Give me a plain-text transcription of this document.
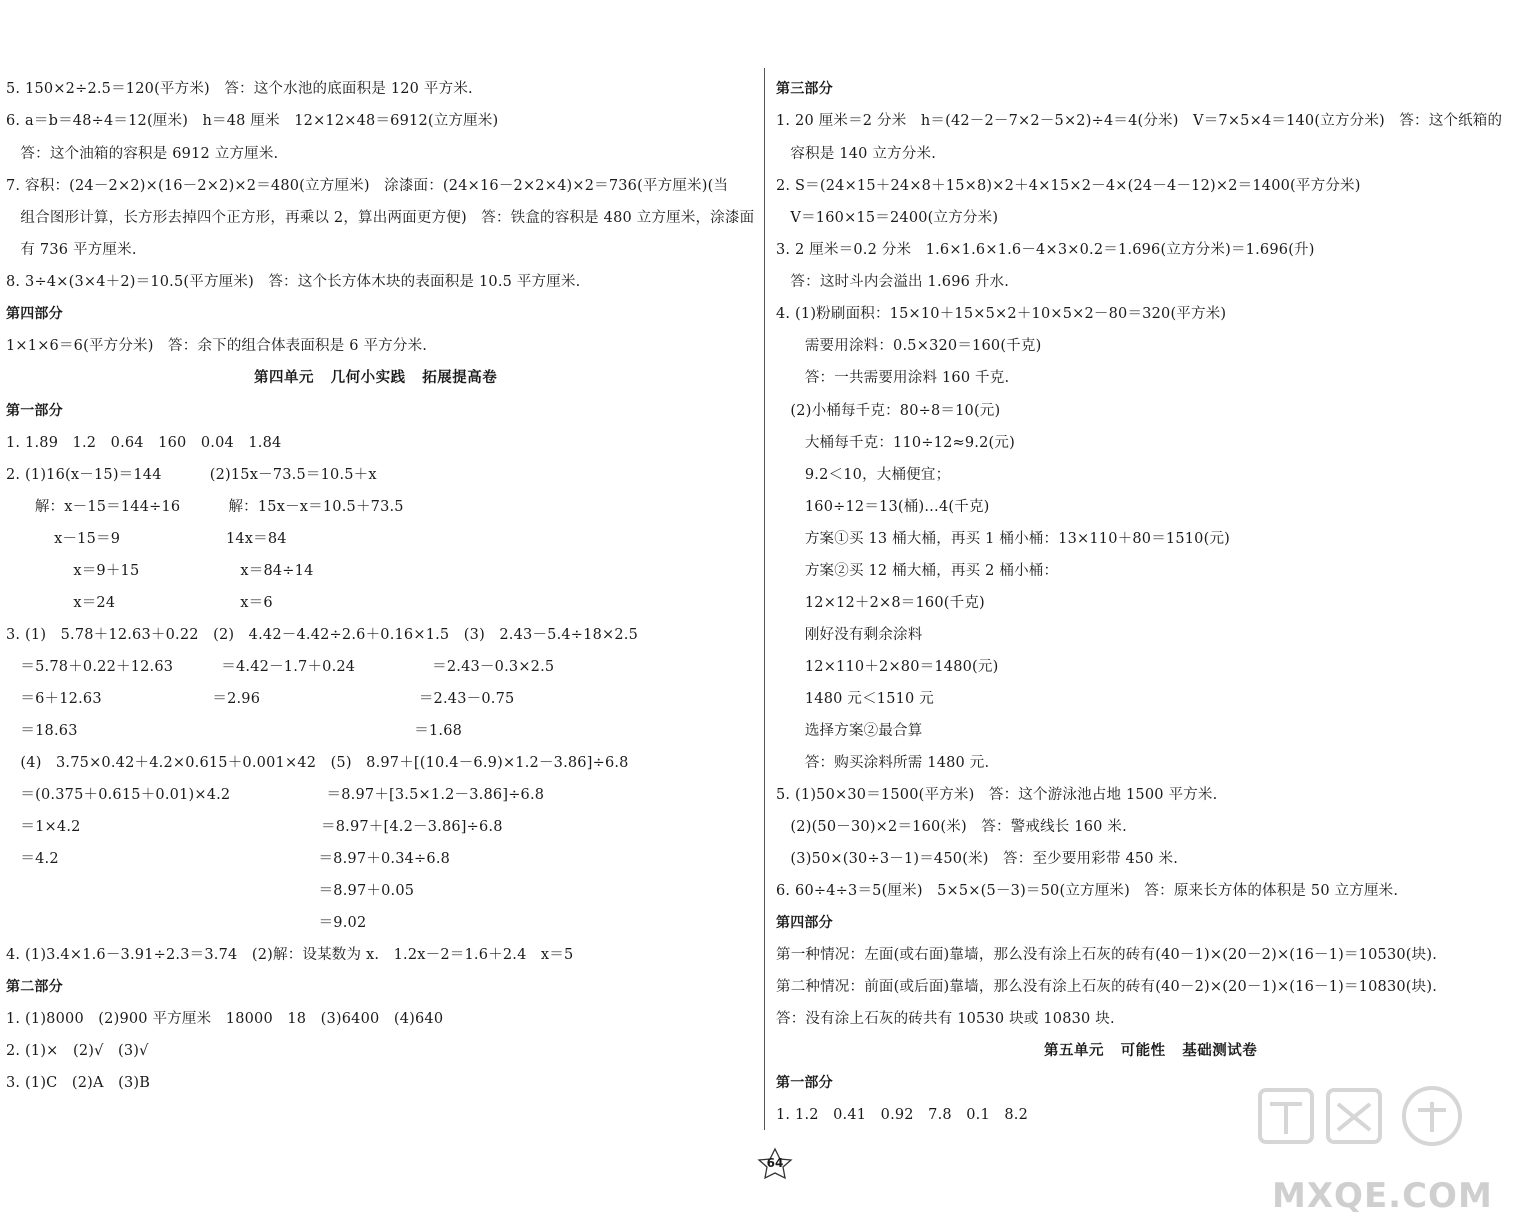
5. 150×2÷2.5＝120(平方米)   答：这个水池的底面积是 120 平方米.
6. a＝b＝48÷4＝12(厘米)   h＝48 厘米   12×12×48＝6912(立方厘米)
答：这个油箱的容积是 6912 立方厘米.
7. 容积：(24－2×2)×(16－2×2)×2＝480(立方厘米)   涂漆面：(24×16－2×2×4)×2＝736(平方厘米)(当
组合图形计算，长方形去掉四个正方形，再乘以 2，算出两面更方便)   答：铁盒的容积是 480 立方厘米，涂漆面
有 736 平方厘米.
8. 3÷4×(3×4＋2)＝10.5(平方厘米)   答：这个长方体木块的表面积是 10.5 平方厘米.
第四部分
1×1×6＝6(平方分米)   答：余下的组合体表面积是 6 平方分米.
第四单元   几何小实践   拓展提高卷
第一部分
1. 1.89   1.2   0.64   160   0.04   1.84
2. (1)16(x－15)＝144          (2)15x－73.5＝10.5＋x
解：x－15＝144÷16          解：15x－x＝10.5＋73.5
x－15＝9                      14x＝84
x＝9＋15                     x＝84÷14
x＝24                          x＝6
3. (1)   5.78＋12.63＋0.22   (2)   4.42－4.42÷2.6＋0.16×1.5   (3)   2.43－5.4÷18×2.5
＝5.78＋0.22＋12.63          ＝4.42－1.7＋0.24                ＝2.43－0.3×2.5
＝6＋12.63                       ＝2.96                                 ＝2.43－0.75
＝18.63                                                                      ＝1.68
(4)   3.75×0.42＋4.2×0.615＋0.001×42   (5)   8.97＋[(10.4－6.9)×1.2－3.86]÷6.8
＝(0.375＋0.615＋0.01)×4.2                    ＝8.97＋[3.5×1.2－3.86]÷6.8
＝1×4.2                                                  ＝8.97＋[4.2－3.86]÷6.8
＝4.2                                                      ＝8.97＋0.34÷6.8
＝8.97＋0.05
＝9.02
4. (1)3.4×1.6－3.91÷2.3＝3.74   (2)解：设某数为 x.   1.2x－2＝1.6＋2.4   x＝5
第二部分
1. (1)8000   (2)900 平方厘米   18000   18   (3)6400   (4)640
2. (1)×   (2)√   (3)√
3. (1)C   (2)A   (3)B
第三部分
1. 20 厘米＝2 分米   h＝(42－2－7×2－5×2)÷4＝4(分米)   V＝7×5×4＝140(立方分米)   答：这个纸箱的
容积是 140 立方分米.
2. S＝(24×15＋24×8＋15×8)×2＋4×15×2－4×(24－4－12)×2＝1400(平方分米)
V＝160×15＝2400(立方分米)
3. 2 厘米＝0.2 分米   1.6×1.6×1.6－4×3×0.2＝1.696(立方分米)＝1.696(升)
答：这时斗内会溢出 1.696 升水.
4. (1)粉刷面积：15×10＋15×5×2＋10×5×2－80＝320(平方米)
需要用涂料：0.5×320＝160(千克)
答：一共需要用涂料 160 千克.
(2)小桶每千克：80÷8＝10(元)
大桶每千克：110÷12≈9.2(元)
9.2＜10，大桶便宜；
160÷12＝13(桶)…4(千克)
方案①买 13 桶大桶，再买 1 桶小桶：13×110＋80＝1510(元)
方案②买 12 桶大桶，再买 2 桶小桶：
12×12＋2×8＝160(千克)
刚好没有剩余涂料
12×110＋2×80＝1480(元)
1480 元＜1510 元
选择方案②最合算
答：购买涂料所需 1480 元.
5. (1)50×30＝1500(平方米)   答：这个游泳池占地 1500 平方米.
(2)(50－30)×2＝160(米)   答：警戒线长 160 米.
(3)50×(30÷3－1)＝450(米)   答：至少要用彩带 450 米.
6. 60÷4÷3＝5(厘米)   5×5×(5－3)＝50(立方厘米)   答：原来长方体的体积是 50 立方厘米.
第四部分
第一种情况：左面(或右面)靠墙，那么没有涂上石灰的砖有(40－1)×(20－2)×(16－1)＝10530(块).
第二种情况：前面(或后面)靠墙，那么没有涂上石灰的砖有(40－2)×(20－1)×(16－1)＝10830(块).
答：没有涂上石灰的砖共有 10530 块或 10830 块.
第五单元   可能性   基础测试卷
第一部分
1. 1.2   0.41   0.92   7.8   0.1   8.2
64
MXQE.COM
